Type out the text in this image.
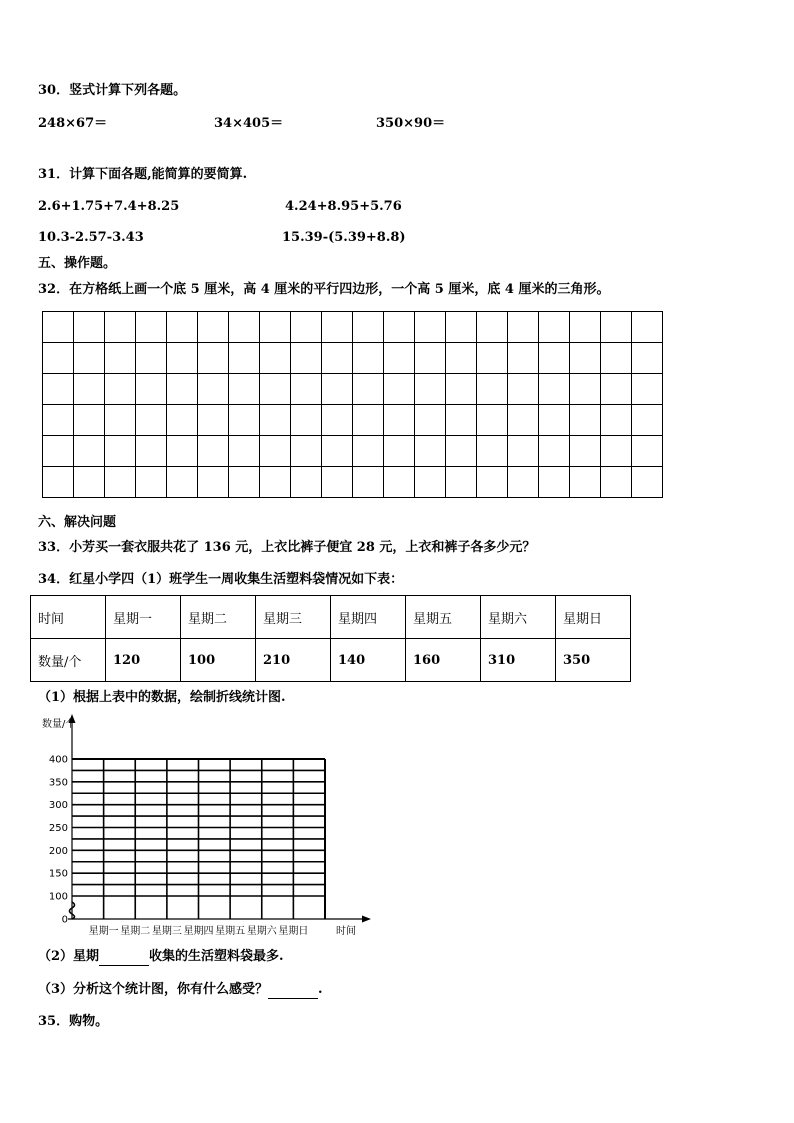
30．竖式计算下列各题。
248×67＝	34×405＝	350×90＝
31．计算下面各题,能简算的要简算.
2.6+1.75+7.4+8.25	4.24+8.95+5.76
10.3-2.57-3.43	15.39-(5.39+8.8)
五、操作题。
32．在方格纸上画一个底 5 厘米，高 4 厘米的平行四边形，一个高 5 厘米，底 4 厘米的三角形。

六、解决问题
33．小芳买一套衣服共花了 136 元，上衣比裤子便宜 28 元，上衣和裤子各多少元？
34．红星小学四（1）班学生一周收集生活塑料袋情况如下表：
时间	星期一	星期二	星期三	星期四	星期五	星期六	星期日
数量/个	120	100	210	140	160	310	350
（1）根据上表中的数据，绘制折线统计图.
0
100
150
200
250
300
350
400
星期一 星期二 星期三 星期四 星期五 星期六 星期日
数量/个
时间
（2）星期	收集的生活塑料袋最多.
（3）分析这个统计图，你有什么感受？	.
35．购物。
